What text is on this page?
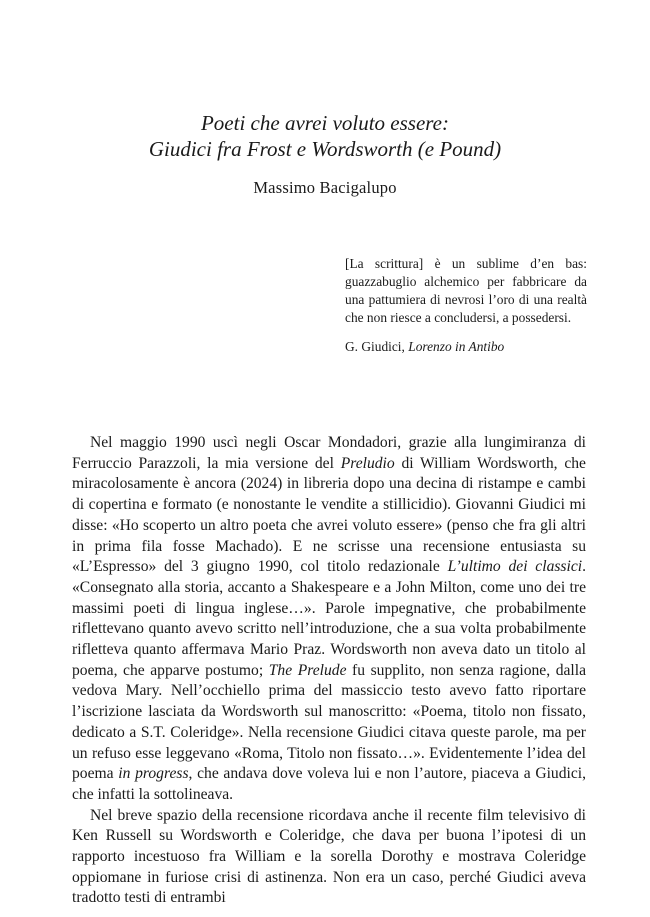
Poeti che avrei voluto essere:

Giudici fra Frost e Wordsworth (e Pound)

Massimo Bacigalupo

[La scrittura] è un sublime d’en bas: guazzabuglio alchemico per fabbricare da una pattumiera di nevrosi l’oro di una realtà che non riesce a concludersi, a possedersi.

G. Giudici, Lorenzo in Antibo

Nel maggio 1990 uscì negli Oscar Mondadori, grazie alla lungimiranza di Ferruccio Parazzoli, la mia versione del Preludio di William Wordsworth, che miracolosamente è ancora (2024) in libreria dopo una decina di ristampe e cambi di copertina e formato (e nonostante le vendite a stillicidio). Giovanni Giudici mi disse: «Ho scoperto un altro poeta che avrei voluto essere» (penso che fra gli altri in prima fila fosse Machado). E ne scrisse una recensione entusiasta su «L’Espresso» del 3 giugno 1990, col titolo redazionale L’ultimo dei classici. «Consegnato alla storia, accanto a Shakespeare e a John Milton, come uno dei tre massimi poeti di lingua inglese…». Parole impegnative, che probabilmente riflettevano quanto avevo scritto nell’introduzione, che a sua volta probabilmente rifletteva quanto affermava Mario Praz. Wordsworth non aveva dato un titolo al poema, che apparve postumo; The Prelude fu supplito, non senza ragione, dalla vedova Mary. Nell’occhiello prima del massiccio testo avevo fatto riportare l’iscrizione lasciata da Wordsworth sul manoscritto: «Poema, titolo non fissato, dedicato a S.T. Coleridge». Nella recensione Giudici citava queste parole, ma per un refuso esse leggevano «Roma, Titolo non fissato…». Evidentemente l’idea del poema in progress, che andava dove voleva lui e non l’autore, piaceva a Giudici, che infatti la sottolineava.

Nel breve spazio della recensione ricordava anche il recente film televisivo di Ken Russell su Wordsworth e Coleridge, che dava per buona l’ipotesi di un rapporto incestuoso fra William e la sorella Dorothy e mostrava Coleridge oppiomane in furiose crisi di astinenza. Non era un caso, perché Giudici aveva tradotto testi di entrambi
